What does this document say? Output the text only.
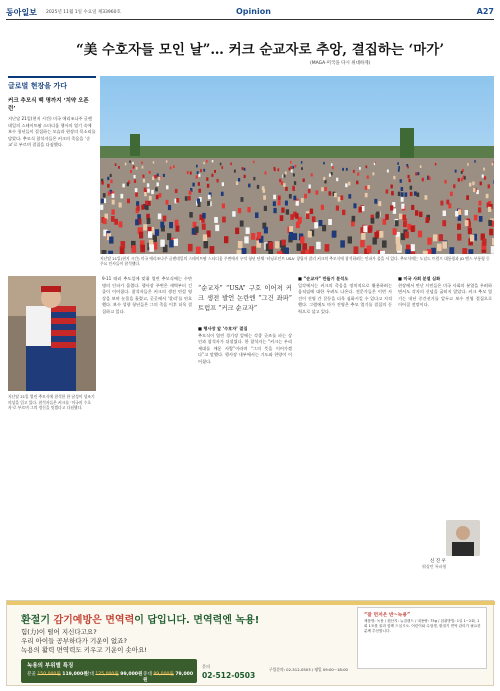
동아일보 2025년 11월 1일 수요일 제33960호	Opinion	A27
“美 수호자들 모인 날”… 커크 순교자로 추앙, 결집하는 ‘마가’
(MAGA·미국을 다시 위대하게)
글로벌 현장을 가다
커크 추모식 백 명까지 ‘치약 오픈런’
지난달 21일(현지 시간) 미국 애리조나주 글렌데일의 스테이트팜 스타디움 행사의 열기 속에 보수 청년들이 결집하는 모습과 현장의 목소리를 담았다. 추모식 참석자들은 커크의 죽음을 ‘순교’로 부르며 결집을 다짐했다.
지난달 21일(현지 시간) 미국 애리조나주 글렌데일의 스테이트팜 스타디움 주변에서 우익 청년 단체 ‘터닝포인트 USA’ 창립자 찰리 커크의 추모식에 참석하려는 인파가 줄을 서 있다. 추모식에는 도널드 트럼프 대통령과 JD 밴스 부통령 등 주요 인사들이 참석했다.
지난달 21일 열린 추모식에 참석한 한 남성이 성조기 의상을 입고 있다. 참석자들은 커크를 ‘미국의 수호자’로 부르며 그의 정신을 잇겠다고 다짐했다.
9·11 테러 추도일에 맞춰 열린 추모식에는 수만 명의 인파가 몰렸다. 행사장 주변은 새벽부터 긴 줄이 이어졌다. 참석자들은 커크의 생전 연설 영상을 보며 눈물을 흘렸고, 곳곳에서 ‘찰리’를 연호했다. 보수 성향 청년들은 그의 죽음 이후 더욱 결집하고 있다.
“순교자” “USA” 구호 이어져 커크 생전 발언 논란엔 “그건 좌파” 트럼프 “커크 순교자”
■ 행사장 앞 ‘수호자’ 결집
추모식이 열린 경기장 앞에는 각종 굿즈를 파는 상인과 참석자가 뒤섞였다. 한 참석자는 “커크는 우리 세대를 깨운 사람”이라며 “그의 뜻을 이어가겠다”고 말했다. 행사장 내부에서는 기도와 찬양이 이어졌다.
■ “순교자” 만들기 분석도
일각에서는 커크의 죽음을 정치적으로 활용하려는 움직임에 대한 우려도 나온다. 전문가들은 이번 사건이 진영 간 갈등을 더욱 심화시킬 수 있다고 지적했다. 그럼에도 마가 진영은 추모 열기를 결집의 동력으로 삼고 있다.
■ 미국 사회 분열 심화
현장에서 만난 시민들은 미국 사회의 분열을 우려하면서도 각자의 신념을 굽히지 않았다. 커크 추모 열기는 내년 중간선거를 앞두고 보수 진영 결집으로 이어질 전망이다.
신 진 우
워싱턴 특파원
환절기 감기예방은 면역력이 답입니다. 면역력엔 녹용!
힘(力)이 떨어 지신다고요?
우리 아이들 공부하다가 기운이 없죠?
녹용의 활력 면역력도 키우고 기운이 솟아요!
녹용의 부위별 특징
분골 150,000원 119,000원
상대 125,000원 99,000원 중대 89,000원 79,000원
문의
02-512-0503
구입문의: 02-512-0503 / 평일 09:00~18:00
“잘 먼저은 반~녹용”
제품명: 녹용 / 원산지: 뉴질랜드 / 내용량: 75g / 섭취방법: 1일 1~2회, 1회 1포를 물과 함께 드십시오. 어린이와 수험생, 환절기 면역 관리가 필요한 분께 추천합니다.
